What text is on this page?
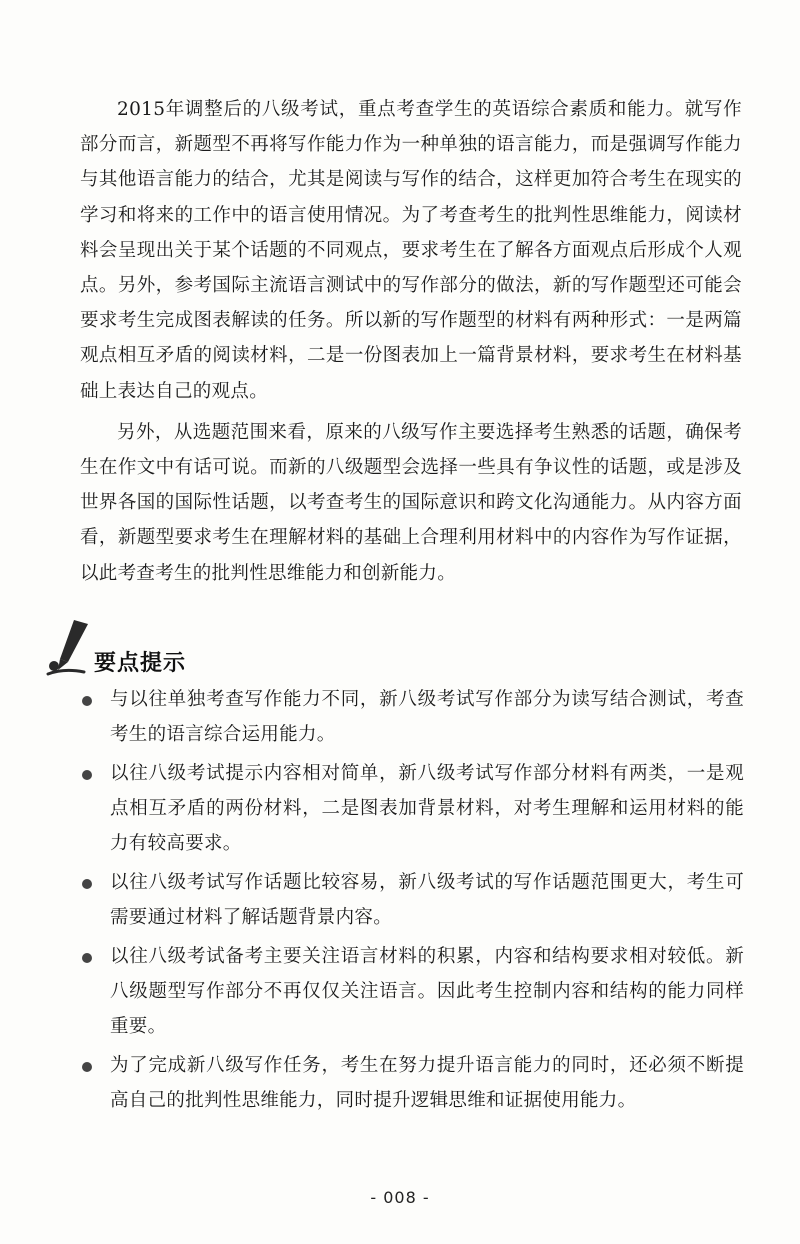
2015年调整后的八级考试，重点考查学生的英语综合素质和能力。就写作部分而言，新题型不再将写作能力作为一种单独的语言能力，而是强调写作能力与其他语言能力的结合，尤其是阅读与写作的结合，这样更加符合考生在现实的学习和将来的工作中的语言使用情况。为了考查考生的批判性思维能力，阅读材料会呈现出关于某个话题的不同观点，要求考生在了解各方面观点后形成个人观点。另外，参考国际主流语言测试中的写作部分的做法，新的写作题型还可能会要求考生完成图表解读的任务。所以新的写作题型的材料有两种形式：一是两篇观点相互矛盾的阅读材料，二是一份图表加上一篇背景材料，要求考生在材料基础上表达自己的观点。

另外，从选题范围来看，原来的八级写作主要选择考生熟悉的话题，确保考生在作文中有话可说。而新的八级题型会选择一些具有争议性的话题，或是涉及世界各国的国际性话题，以考查考生的国际意识和跨文化沟通能力。从内容方面看，新题型要求考生在理解材料的基础上合理利用材料中的内容作为写作证据，以此考查考生的批判性思维能力和创新能力。

要点提示
与以往单独考查写作能力不同，新八级考试写作部分为读写结合测试，考查考生的语言综合运用能力。
以往八级考试提示内容相对简单，新八级考试写作部分材料有两类，一是观点相互矛盾的两份材料，二是图表加背景材料，对考生理解和运用材料的能力有较高要求。
以往八级考试写作话题比较容易，新八级考试的写作话题范围更大，考生可需要通过材料了解话题背景内容。
以往八级考试备考主要关注语言材料的积累，内容和结构要求相对较低。新八级题型写作部分不再仅仅关注语言。因此考生控制内容和结构的能力同样重要。
为了完成新八级写作任务，考生在努力提升语言能力的同时，还必须不断提高自己的批判性思维能力，同时提升逻辑思维和证据使用能力。
- 008 -
